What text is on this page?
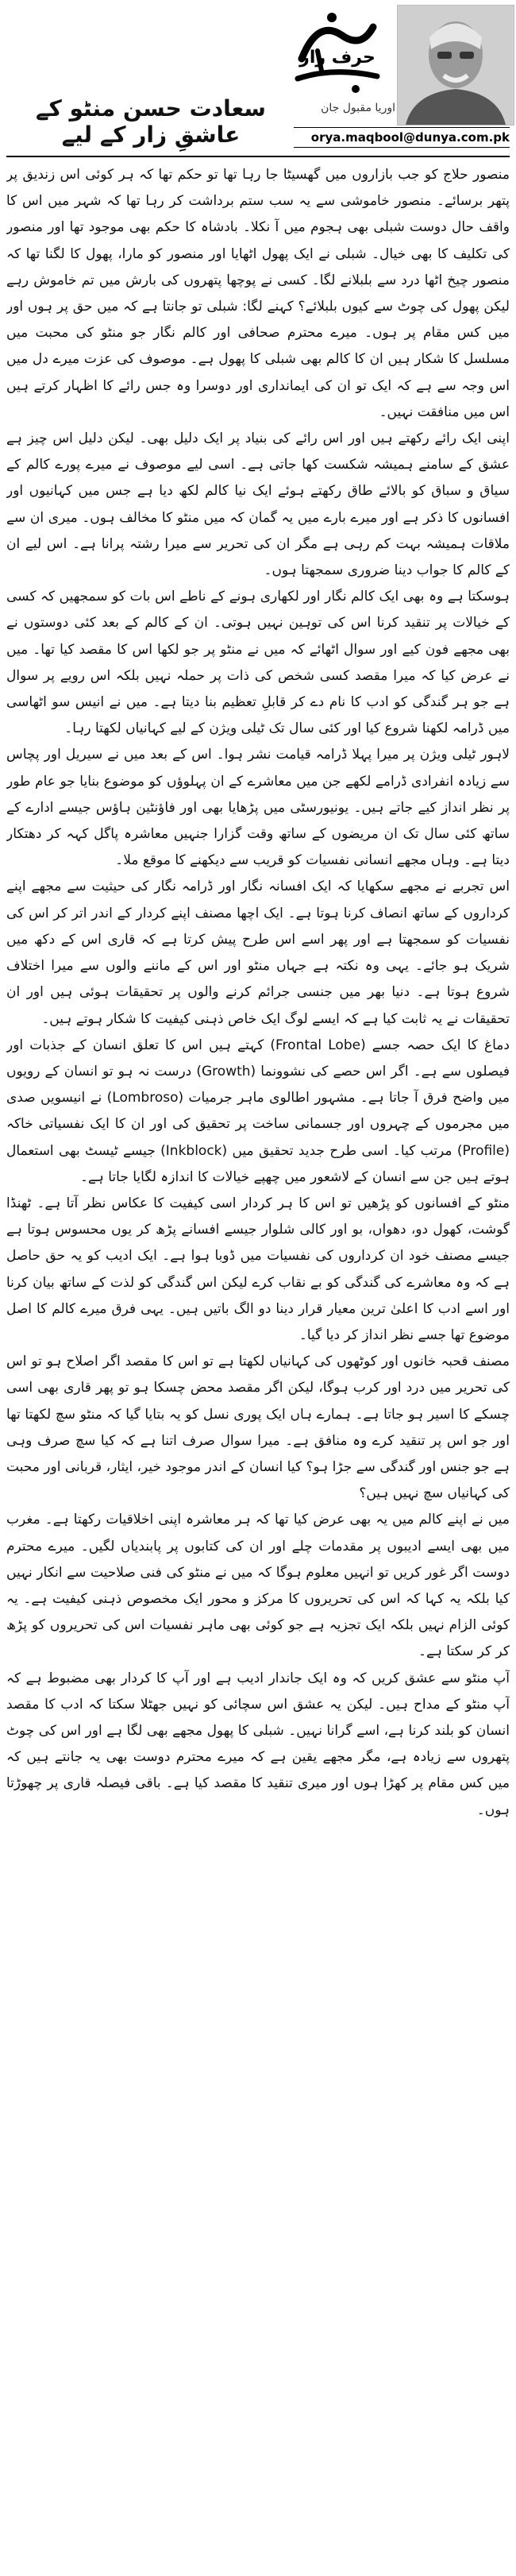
حرف راز
اوریا مقبول جان
سعادت حسن منٹو کے عاشقِ زار کے لیے	orya.maqbool@dunya.com.pk

منصور حلاج کو جب بازاروں میں گھسیٹا جا رہا تھا تو حکم تھا کہ ہر کوئی اس زندیق پر پتھر برسائے۔ منصور خاموشی سے یہ سب ستم برداشت کر رہا تھا کہ شہر میں اس کا واقف حال دوست شبلی بھی ہجوم میں آ نکلا۔ بادشاہ کا حکم بھی موجود تھا اور منصور کی تکلیف کا بھی خیال۔ شبلی نے ایک پھول اٹھایا اور منصور کو مارا، پھول کا لگنا تھا کہ منصور چیخ اٹھا درد سے بلبلانے لگا۔ کسی نے پوچھا پتھروں کی بارش میں تم خاموش رہے لیکن پھول کی چوٹ سے کیوں بلبلائے؟ کہنے لگا: شبلی تو جانتا ہے کہ میں حق پر ہوں اور میں کس مقام پر ہوں۔ میرے محترم صحافی اور کالم نگار جو منٹو کی محبت میں مسلسل کا شکار ہیں ان کا کالم بھی شبلی کا پھول ہے۔ موصوف کی عزت میرے دل میں اس وجہ سے ہے کہ ایک تو ان کی ایمانداری اور دوسرا وہ جس رائے کا اظہار کرتے ہیں اس میں منافقت نہیں۔

اپنی ایک رائے رکھتے ہیں اور اس رائے کی بنیاد پر ایک دلیل بھی۔ لیکن دلیل اس چیز ہے عشق کے سامنے ہمیشہ شکست کھا جاتی ہے۔ اسی لیے موصوف نے میرے پورے کالم کے سیاق و سباق کو بالائے طاق رکھتے ہوئے ایک نیا کالم لکھ دیا ہے جس میں کہانیوں اور افسانوں کا ذکر ہے اور میرے بارے میں یہ گمان کہ میں منٹو کا مخالف ہوں۔ میری ان سے ملاقات ہمیشہ بہت کم رہی ہے مگر ان کی تحریر سے میرا رشتہ پرانا ہے۔ اس لیے ان کے کالم کا جواب دینا ضروری سمجھتا ہوں۔

ہوسکتا ہے وہ بھی ایک کالم نگار اور لکھاری ہونے کے ناطے اس بات کو سمجھیں کہ کسی کے خیالات پر تنقید کرنا اس کی توہین نہیں ہوتی۔ ان کے کالم کے بعد کئی دوستوں نے بھی مجھے فون کیے اور سوال اٹھائے کہ میں نے منٹو پر جو لکھا اس کا مقصد کیا تھا۔ میں نے عرض کیا کہ میرا مقصد کسی شخص کی ذات پر حملہ نہیں بلکہ اس رویے پر سوال ہے جو ہر گندگی کو ادب کا نام دے کر قابلِ تعظیم بنا دیتا ہے۔ میں نے انیس سو اٹھاسی میں ڈرامہ لکھنا شروع کیا اور کئی سال تک ٹیلی ویژن کے لیے کہانیاں لکھتا رہا۔

لاہور ٹیلی ویژن پر میرا پہلا ڈرامہ قیامت نشر ہوا۔ اس کے بعد میں نے سیریل اور پچاس سے زیادہ انفرادی ڈرامے لکھے جن میں معاشرے کے ان پہلوؤں کو موضوع بنایا جو عام طور پر نظر انداز کیے جاتے ہیں۔ یونیورسٹی میں پڑھایا بھی اور فاؤنٹین ہاؤس جیسے ادارے کے ساتھ کئی سال تک ان مریضوں کے ساتھ وقت گزارا جنہیں معاشرہ پاگل کہہ کر دھتکار دیتا ہے۔ وہاں مجھے انسانی نفسیات کو قریب سے دیکھنے کا موقع ملا۔

اس تجربے نے مجھے سکھایا کہ ایک افسانہ نگار اور ڈرامہ نگار کی حیثیت سے مجھے اپنے کرداروں کے ساتھ انصاف کرنا ہوتا ہے۔ ایک اچھا مصنف اپنے کردار کے اندر اتر کر اس کی نفسیات کو سمجھتا ہے اور پھر اسے اس طرح پیش کرتا ہے کہ قاری اس کے دکھ میں شریک ہو جائے۔ یہی وہ نکتہ ہے جہاں منٹو اور اس کے ماننے والوں سے میرا اختلاف شروع ہوتا ہے۔ دنیا بھر میں جنسی جرائم کرنے والوں پر تحقیقات ہوئی ہیں اور ان تحقیقات نے یہ ثابت کیا ہے کہ ایسے لوگ ایک خاص ذہنی کیفیت کا شکار ہوتے ہیں۔

دماغ کا ایک حصہ جسے (Frontal Lobe) کہتے ہیں اس کا تعلق انسان کے جذبات اور فیصلوں سے ہے۔ اگر اس حصے کی نشوونما (Growth) درست نہ ہو تو انسان کے رویوں میں واضح فرق آ جاتا ہے۔ مشہور اطالوی ماہر جرمیات (Lombroso) نے انیسویں صدی میں مجرموں کے چہروں اور جسمانی ساخت پر تحقیق کی اور ان کا ایک نفسیاتی خاکہ (Profile) مرتب کیا۔ اسی طرح جدید تحقیق میں (Inkblock) جیسے ٹیسٹ بھی استعمال ہوتے ہیں جن سے انسان کے لاشعور میں چھپے خیالات کا اندازہ لگایا جاتا ہے۔

منٹو کے افسانوں کو پڑھیں تو اس کا ہر کردار اسی کیفیت کا عکاس نظر آتا ہے۔ ٹھنڈا گوشت، کھول دو، دھواں، بو اور کالی شلوار جیسے افسانے پڑھ کر یوں محسوس ہوتا ہے جیسے مصنف خود ان کرداروں کی نفسیات میں ڈوبا ہوا ہے۔ ایک ادیب کو یہ حق حاصل ہے کہ وہ معاشرے کی گندگی کو بے نقاب کرے لیکن اس گندگی کو لذت کے ساتھ بیان کرنا اور اسے ادب کا اعلیٰ ترین معیار قرار دینا دو الگ باتیں ہیں۔ یہی فرق میرے کالم کا اصل موضوع تھا جسے نظر انداز کر دیا گیا۔

مصنف قحبہ خانوں اور کوٹھوں کی کہانیاں لکھتا ہے تو اس کا مقصد اگر اصلاح ہو تو اس کی تحریر میں درد اور کرب ہوگا، لیکن اگر مقصد محض چسکا ہو تو پھر قاری بھی اسی چسکے کا اسیر ہو جاتا ہے۔ ہمارے ہاں ایک پوری نسل کو یہ بتایا گیا کہ منٹو سچ لکھتا تھا اور جو اس پر تنقید کرے وہ منافق ہے۔ میرا سوال صرف اتنا ہے کہ کیا سچ صرف وہی ہے جو جنس اور گندگی سے جڑا ہو؟ کیا انسان کے اندر موجود خیر، ایثار، قربانی اور محبت کی کہانیاں سچ نہیں ہیں؟

میں نے اپنے کالم میں یہ بھی عرض کیا تھا کہ ہر معاشرہ اپنی اخلاقیات رکھتا ہے۔ مغرب میں بھی ایسے ادیبوں پر مقدمات چلے اور ان کی کتابوں پر پابندیاں لگیں۔ میرے محترم دوست اگر غور کریں تو انہیں معلوم ہوگا کہ میں نے منٹو کی فنی صلاحیت سے انکار نہیں کیا بلکہ یہ کہا کہ اس کی تحریروں کا مرکز و محور ایک مخصوص ذہنی کیفیت ہے۔ یہ کوئی الزام نہیں بلکہ ایک تجزیہ ہے جو کوئی بھی ماہر نفسیات اس کی تحریروں کو پڑھ کر کر سکتا ہے۔

آپ منٹو سے عشق کریں کہ وہ ایک جاندار ادیب ہے اور آپ کا کردار بھی مضبوط ہے کہ آپ منٹو کے مداح ہیں۔ لیکن یہ عشق اس سچائی کو نہیں جھٹلا سکتا کہ ادب کا مقصد انسان کو بلند کرنا ہے، اسے گرانا نہیں۔ شبلی کا پھول مجھے بھی لگا ہے اور اس کی چوٹ پتھروں سے زیادہ ہے، مگر مجھے یقین ہے کہ میرے محترم دوست بھی یہ جانتے ہیں کہ میں کس مقام پر کھڑا ہوں اور میری تنقید کا مقصد کیا ہے۔ باقی فیصلہ قاری پر چھوڑتا ہوں۔
